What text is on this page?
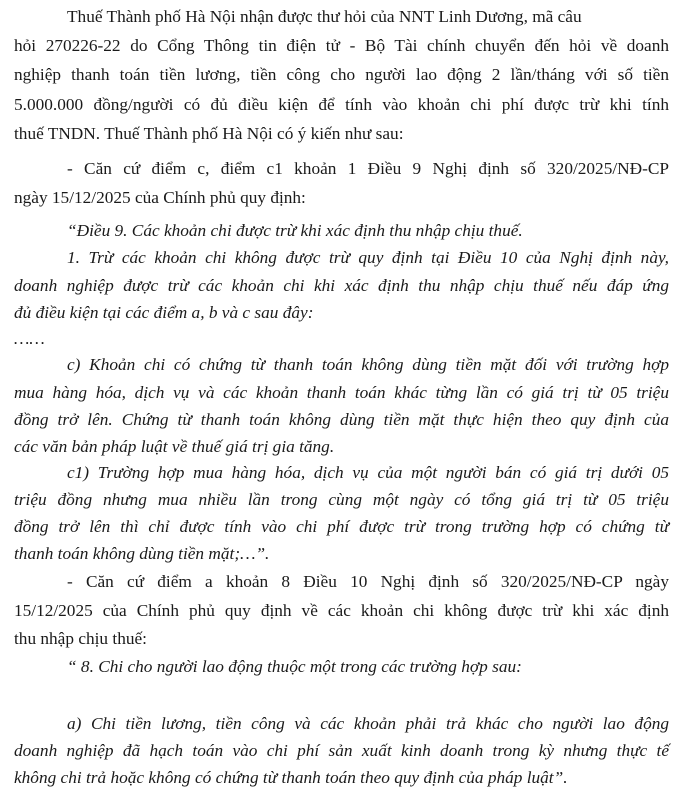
Thuế Thành phố Hà Nội nhận được thư hỏi của NNT Linh Dương, mã câu

hỏi 270226-22 do Cổng Thông tin điện tử - Bộ Tài chính chuyển đến hỏi về doanh

nghiệp thanh toán tiền lương, tiền công cho người lao động 2 lần/tháng với số tiền

5.000.000 đồng/người có đủ điều kiện để tính vào khoản chi phí được trừ khi tính

thuế TNDN. Thuế Thành phố Hà Nội có ý kiến như sau:

- Căn cứ điểm c, điểm c1 khoản 1 Điều 9 Nghị định số 320/2025/NĐ-CP

ngày 15/12/2025 của Chính phủ quy định:

“Điều 9. Các khoản chi được trừ khi xác định thu nhập chịu thuế.

1. Trừ các khoản chi không được trừ quy định tại Điều 10 của Nghị định này,

doanh nghiệp được trừ các khoản chi khi xác định thu nhập chịu thuế nếu đáp ứng

đủ điều kiện tại các điểm a, b và c sau đây:

……

c) Khoản chi có chứng từ thanh toán không dùng tiền mặt đối với trường hợp

mua hàng hóa, dịch vụ và các khoản thanh toán khác từng lần có giá trị từ 05 triệu

đồng trở lên. Chứng từ thanh toán không dùng tiền mặt thực hiện theo quy định của

các văn bản pháp luật về thuế giá trị gia tăng.

c1) Trường hợp mua hàng hóa, dịch vụ của một người bán có giá trị dưới 05

triệu đồng nhưng mua nhiều lần trong cùng một ngày có tổng giá trị từ 05 triệu

đồng trở lên thì chỉ được tính vào chi phí được trừ trong trường hợp có chứng từ

thanh toán không dùng tiền mặt;…”.

- Căn cứ điểm a khoản 8 Điều 10 Nghị định số 320/2025/NĐ-CP ngày

15/12/2025 của Chính phủ quy định về các khoản chi không được trừ khi xác định

thu nhập chịu thuế:

“ 8. Chi cho người lao động thuộc một trong các trường hợp sau:

a) Chi tiền lương, tiền công và các khoản phải trả khác cho người lao động

doanh nghiệp đã hạch toán vào chi phí sản xuất kinh doanh trong kỳ nhưng thực tế

không chi trả hoặc không có chứng từ thanh toán theo quy định của pháp luật”.
